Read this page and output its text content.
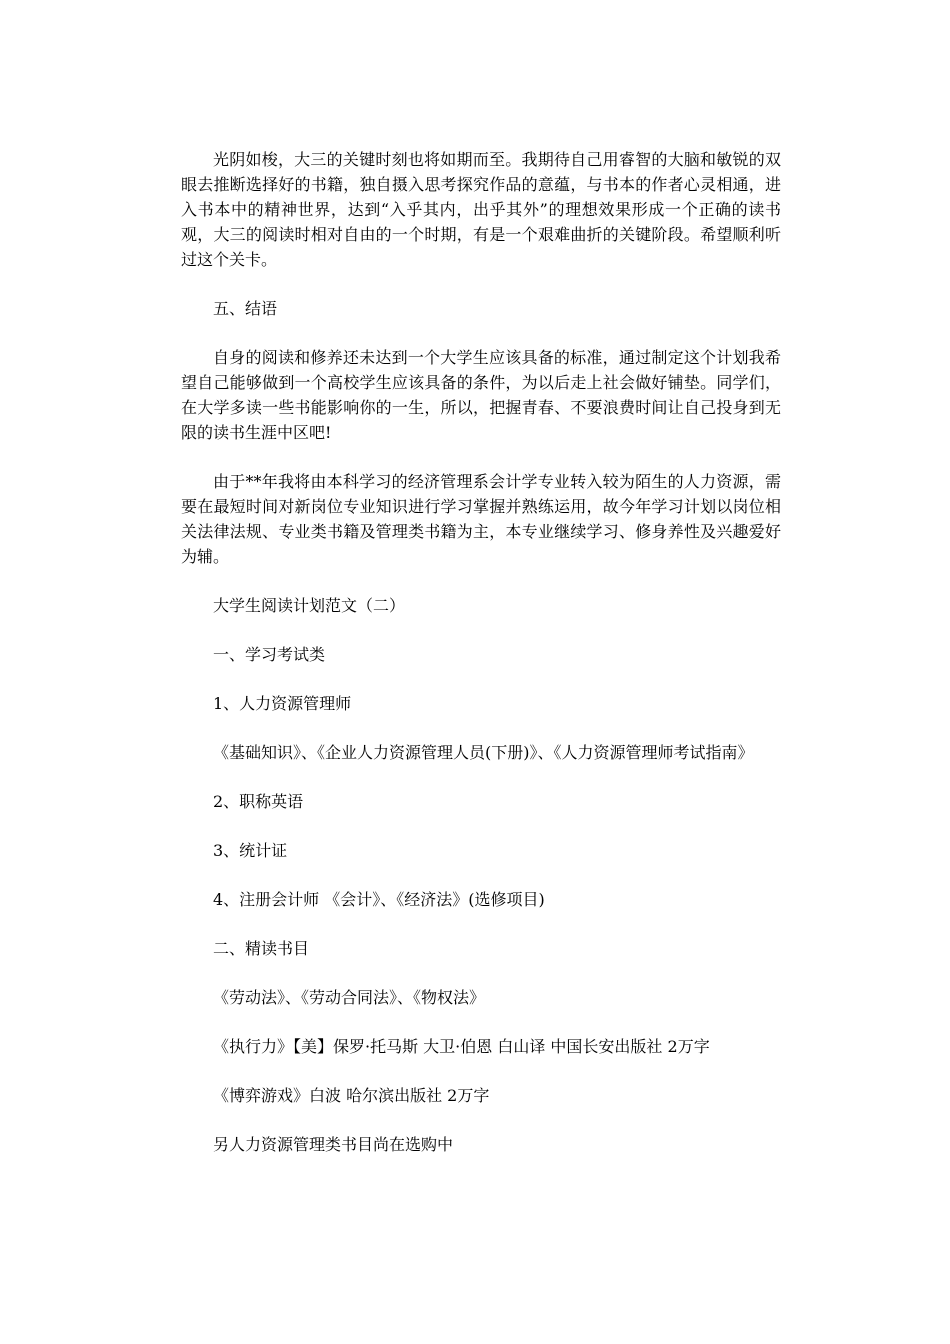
光阴如梭，大三的关键时刻也将如期而至。我期待自己用睿智的大脑和敏锐的双眼去推断选择好的书籍，独自摄入思考探究作品的意蕴，与书本的作者心灵相通，进入书本中的精神世界，达到“入乎其内，出乎其外”的理想效果形成一个正确的读书观，大三的阅读时相对自由的一个时期，有是一个艰难曲折的关键阶段。希望顺利听过这个关卡。

五、结语

自身的阅读和修养还未达到一个大学生应该具备的标准，通过制定这个计划我希望自己能够做到一个高校学生应该具备的条件，为以后走上社会做好铺垫。同学们，在大学多读一些书能影响你的一生，所以，把握青春、不要浪费时间让自己投身到无限的读书生涯中区吧!

由于**年我将由本科学习的经济管理系会计学专业转入较为陌生的人力资源，需要在最短时间对新岗位专业知识进行学习掌握并熟练运用，故今年学习计划以岗位相关法律法规、专业类书籍及管理类书籍为主，本专业继续学习、修身养性及兴趣爱好为辅。

大学生阅读计划范文（二）

一、学习考试类

1、人力资源管理师

《基础知识》、《企业人力资源管理人员(下册)》、《人力资源管理师考试指南》

2、职称英语

3、统计证

4、注册会计师 《会计》、《经济法》(选修项目)

二、精读书目

《劳动法》、《劳动合同法》、《物权法》

《执行力》【美】保罗·托马斯 大卫·伯恩 白山译 中国长安出版社 2万字

《博弈游戏》白波 哈尔滨出版社 2万字

另人力资源管理类书目尚在选购中
